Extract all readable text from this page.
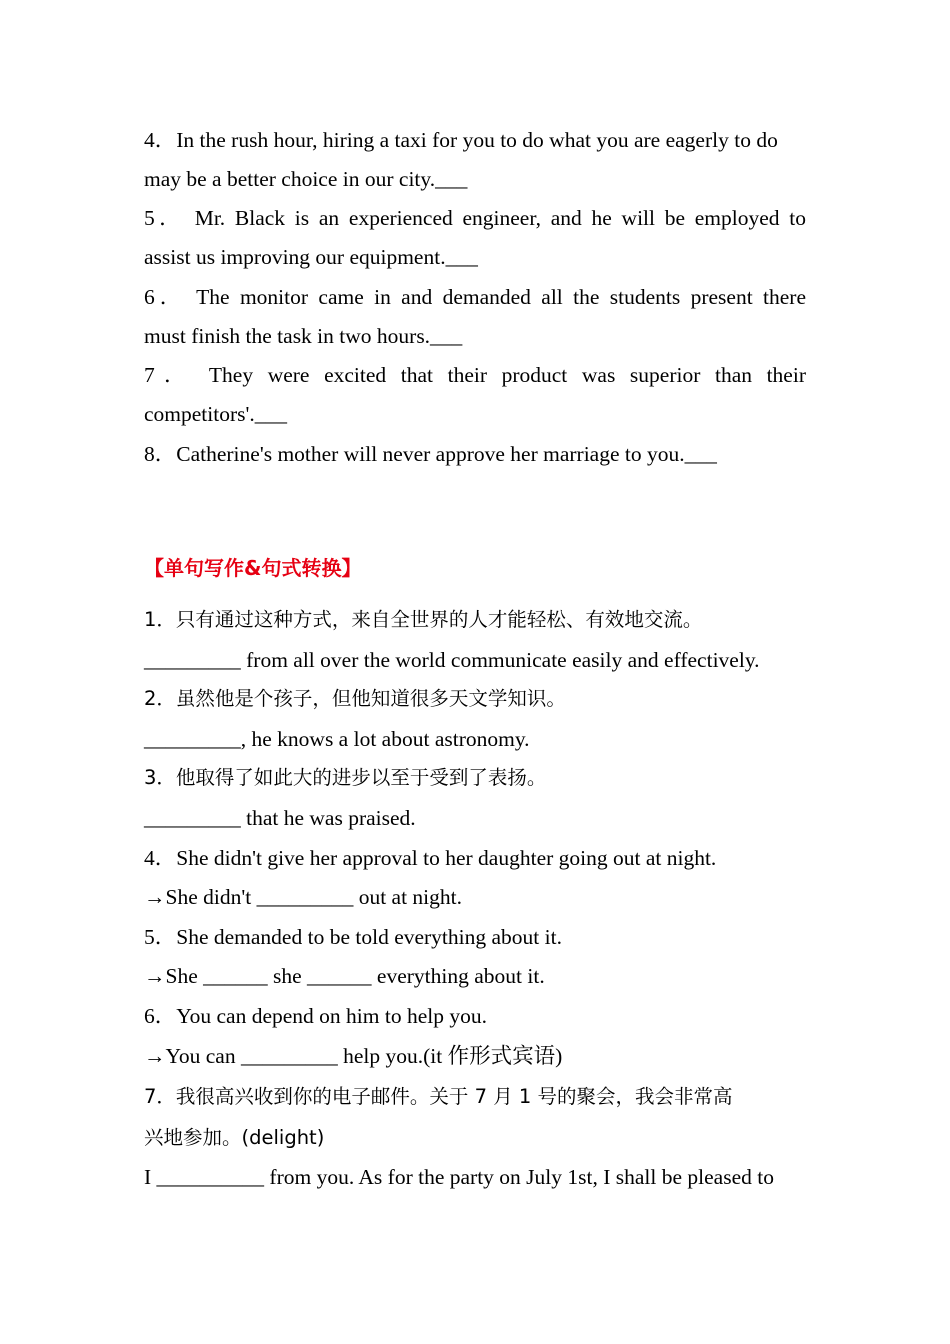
4．In the rush hour, hiring a taxi for you to do what you are eagerly to do
may be a better choice in our city.___
5． Mr. Black is an experienced engineer, and he will be employed to
assist us improving our equipment.___
6． The monitor came in and demanded all the students present there
must finish the task in two hours.___
7． They were excited that their product was superior than their
competitors'.___
8．Catherine's mother will never approve her marriage to you.___
【单句写作&句式转换】
1．只有通过这种方式，来自全世界的人才能轻松、有效地交流。
_________ from all over the world communicate easily and effectively.
2．虽然他是个孩子，但他知道很多天文学知识。
_________, he knows a lot about astronomy.
3．他取得了如此大的进步以至于受到了表扬。
_________ that he was praised.
4．She didn't give her approval to her daughter going out at night.
→She didn't _________ out at night.
5．She demanded to be told everything about it.
→She ______ she ______ everything about it.
6．You can depend on him to help you.
→You can _________ help you.(it 作形式宾语)
7．我很高兴收到你的电子邮件。关于 7 月 1 号的聚会，我会非常高
兴地参加。(delight)
I __________ from you. As for the party on July 1st, I shall be pleased to
